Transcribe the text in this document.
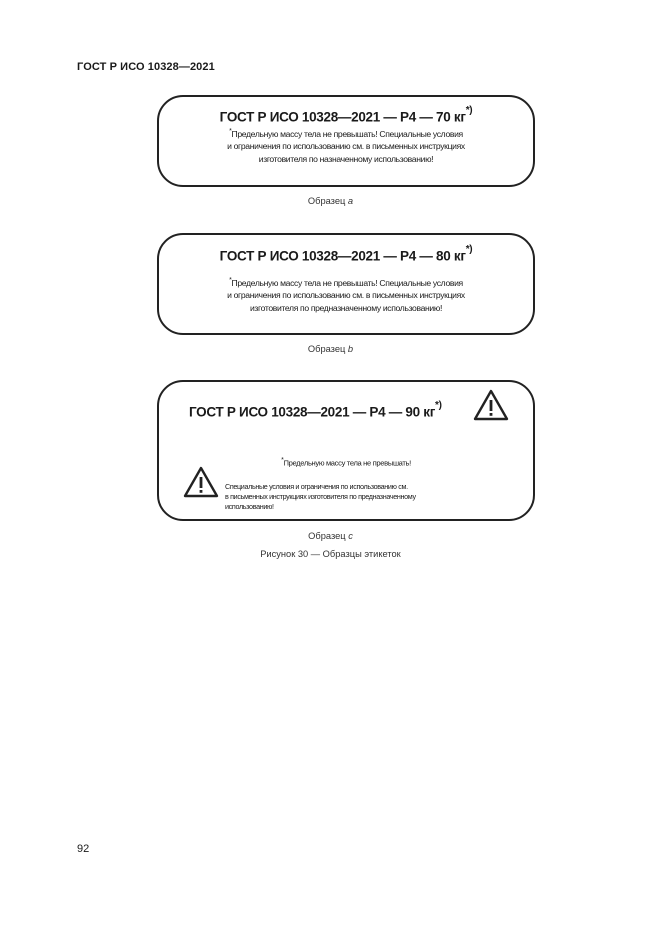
ГОСТ Р ИСО 10328—2021
ГОСТ Р ИСО 10328—2021 — P4 — 70 кг*)
*Предельную массу тела не превышать! Специальные условия
и ограничения по использованию см. в письменных инструкциях
изготовителя по назначенному использованию!
Образец a
ГОСТ Р ИСО 10328—2021 — P4 — 80 кг*)
*Предельную массу тела не превышать! Специальные условия
и ограничения по использованию см. в письменных инструкциях
изготовителя по предназначенному использованию!
Образец b
ГОСТ Р ИСО 10328—2021 — P4 — 90 кг*)
*Предельную массу тела не превышать!
Специальные условия и ограничения по использованию см.
в письменных инструкциях изготовителя по предназначенному
использованию!
Образец c
Рисунок 30 — Образцы этикеток
92
